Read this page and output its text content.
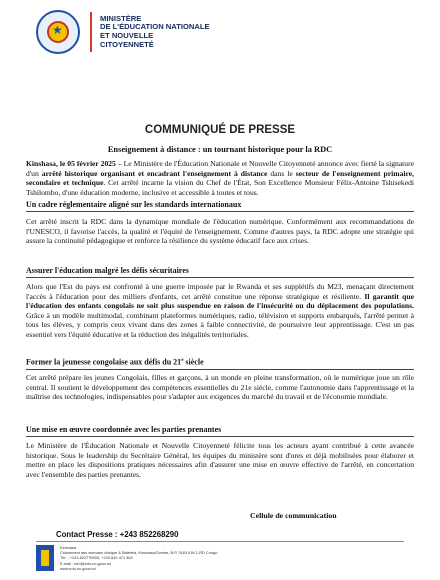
★
MINISTÈRE
DE L'ÉDUCATION NATIONALE
ET NOUVELLE
CITOYENNETÉ
COMMUNIQUÉ DE PRESSE
Enseignement à distance : un tournant historique pour la RDC
Kinshasa, le 05 février 2025 – Le Ministère de l'Éducation Nationale et Nouvelle Citoyenneté annonce avec fierté la signature d'un arrêté historique organisant et encadrant l'enseignement à distance dans le secteur de l'enseignement primaire, secondaire et technique. Cet arrêté incarne la vision du Chef de l'État, Son Excellence Monsieur Félix-Antoine Tshisekedi Tshilombo, d'une éducation moderne, inclusive et accessible à toutes et tous.
Un cadre réglementaire aligné sur les standards internationaux
Cet arrêté inscrit la RDC dans la dynamique mondiale de l'éducation numérique. Conformément aux recommandations de l'UNESCO, il favorise l'accès, la qualité et l'équité de l'enseignement. Comme d'autres pays, la RDC adopte une stratégie qui assure la continuité pédagogique et renforce la résilience du système éducatif face aux crises.
Assurer l'éducation malgré les défis sécuritaires
Alors que l'Est du pays est confronté à une guerre imposée par le Rwanda et ses supplétifs du M23, menaçant directement l'accès à l'éducation pour des milliers d'enfants, cet arrêté constitue une réponse stratégique et résiliente. Il garantit que l'éducation des enfants congolais ne soit plus suspendue en raison de l'insécurité ou du déplacement des populations. Grâce à un modèle multimodal, combinant plateformes numériques, radio, télévision et supports embarqués, l'arrêté permet à tous les élèves, y compris ceux vivant dans des zones à faible connectivité, de poursuivre leur apprentissage. C'est un pas essentiel vers l'équité éducative et la réduction des inégalités territoriales.
Former la jeunesse congolaise aux défis du 21e siècle
Cet arrêté prépare les jeunes Congolais, filles et garçons, à un monde en pleine transformation, où le numérique joue un rôle central. Il soutient le développement des compétences essentielles du 21e siècle, comme l'autonomie dans l'apprentissage et la maîtrise des technologies, indispensables pour s'adapter aux exigences du marché du travail et de l'économie mondiale.
Une mise en œuvre coordonnée avec les parties prenantes
Le Ministère de l'Éducation Nationale et Nouvelle Citoyenneté félicite tous les acteurs ayant contribué à cette avancée historique. Sous le leadership du Secrétaire Général, les équipes du ministère sont d'ores et déjà mobilisées pour élaborer et mettre en place les dispositions pratiques nécessaires afin d'assurer une mise en œuvre effective de l'arrêté, en concertation avec l'ensemble des parties prenantes.
Cellule de communication
Contact Presse : +243 852268290
Kinshasa
Croisement des avenues clinique & Batetela, Kinshasa/Gombe, B.P. 3163 KIN 1-RD Congo
Tél. : +243 822776903, +243 840 471 463
E-mail : info@edu-nc.gouv.cd
www.edu-nc.gouv.cd
